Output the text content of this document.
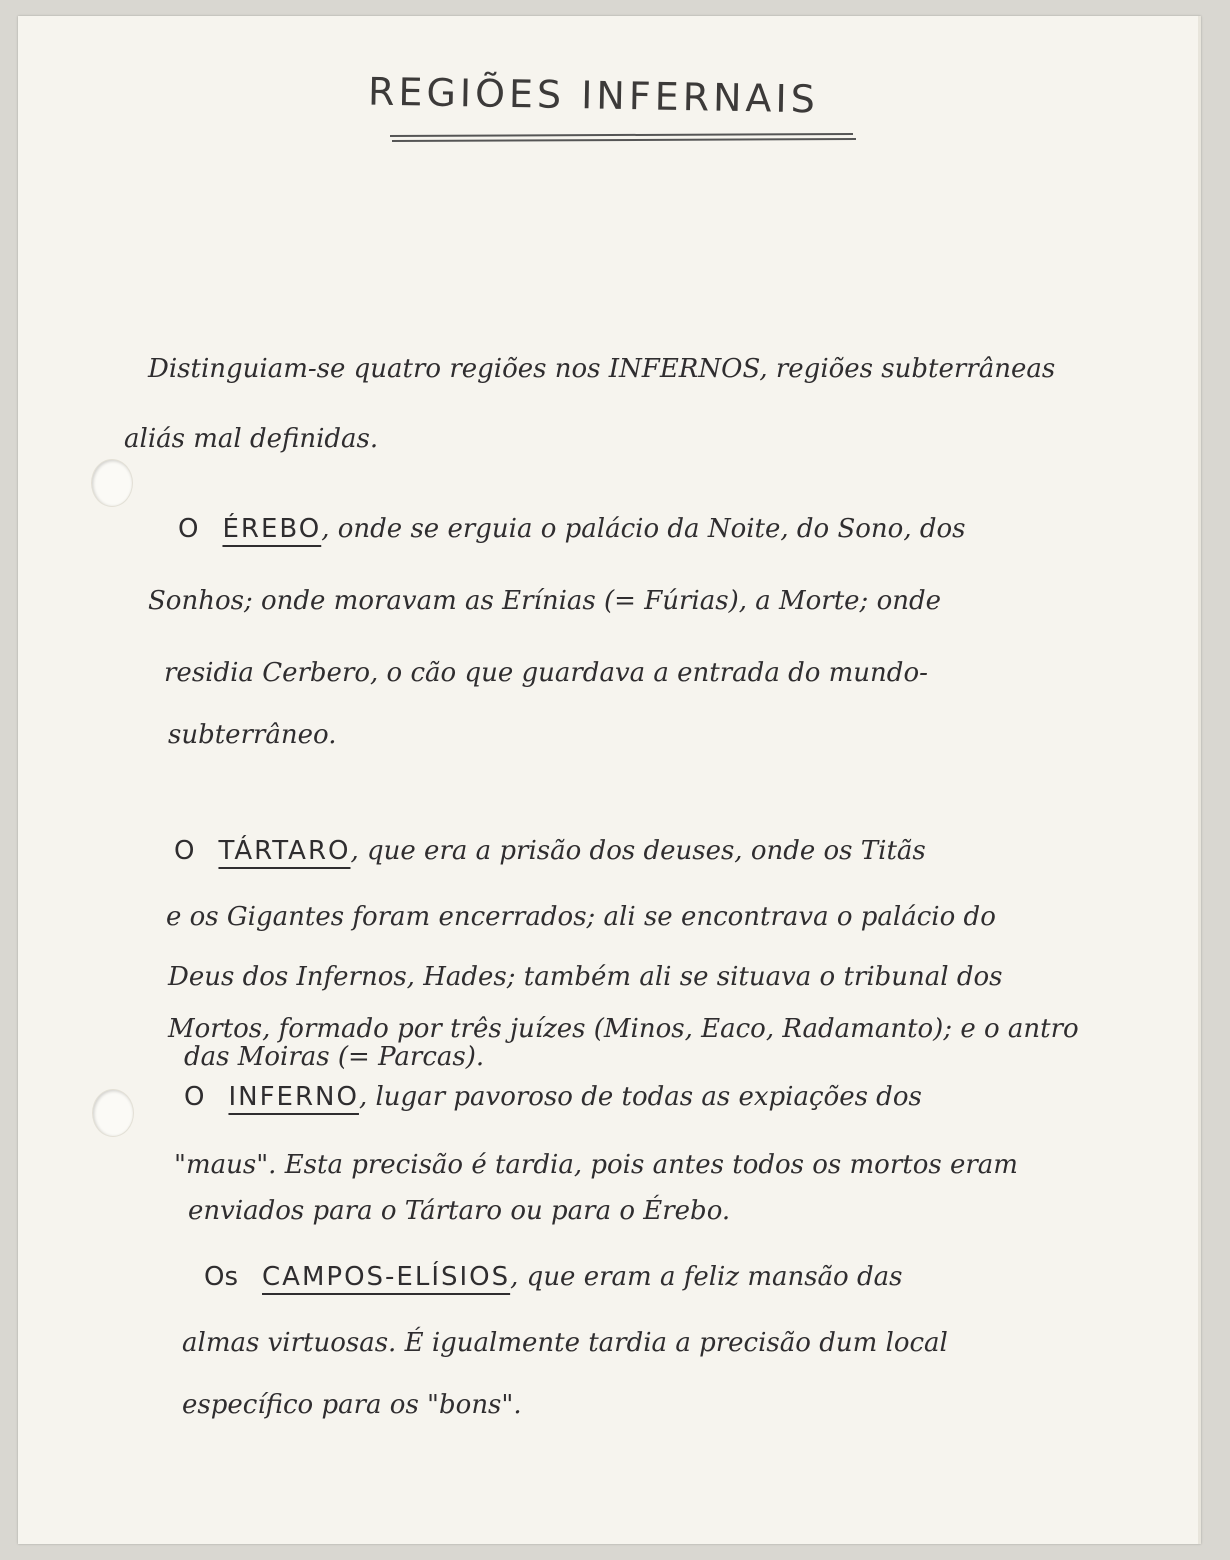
REGIÕES INFERNAIS
Distinguiam-se quatro regiões nos INFERNOS, regiões subterrâneas
aliás mal definidas.
O ÉREBO, onde se erguia o palácio da Noite, do Sono, dos
Sonhos; onde moravam as Erínias (= Fúrias), a Morte; onde
residia Cerbero, o cão que guardava a entrada do mundo-
subterrâneo.
O TÁRTARO, que era a prisão dos deuses, onde os Titãs
e os Gigantes foram encerrados; ali se encontrava o palácio do
Deus dos Infernos, Hades; também ali se situava o tribunal dos
Mortos, formado por três juízes (Minos, Eaco, Radamanto); e o antro
das Moiras (= Parcas).
O INFERNO, lugar pavoroso de todas as expiações dos
"maus". Esta precisão é tardia, pois antes todos os mortos eram
enviados para o Tártaro ou para o Érebo.
Os CAMPOS-ELÍSIOS, que eram a feliz mansão das
almas virtuosas. É igualmente tardia a precisão dum local
específico para os "bons".
